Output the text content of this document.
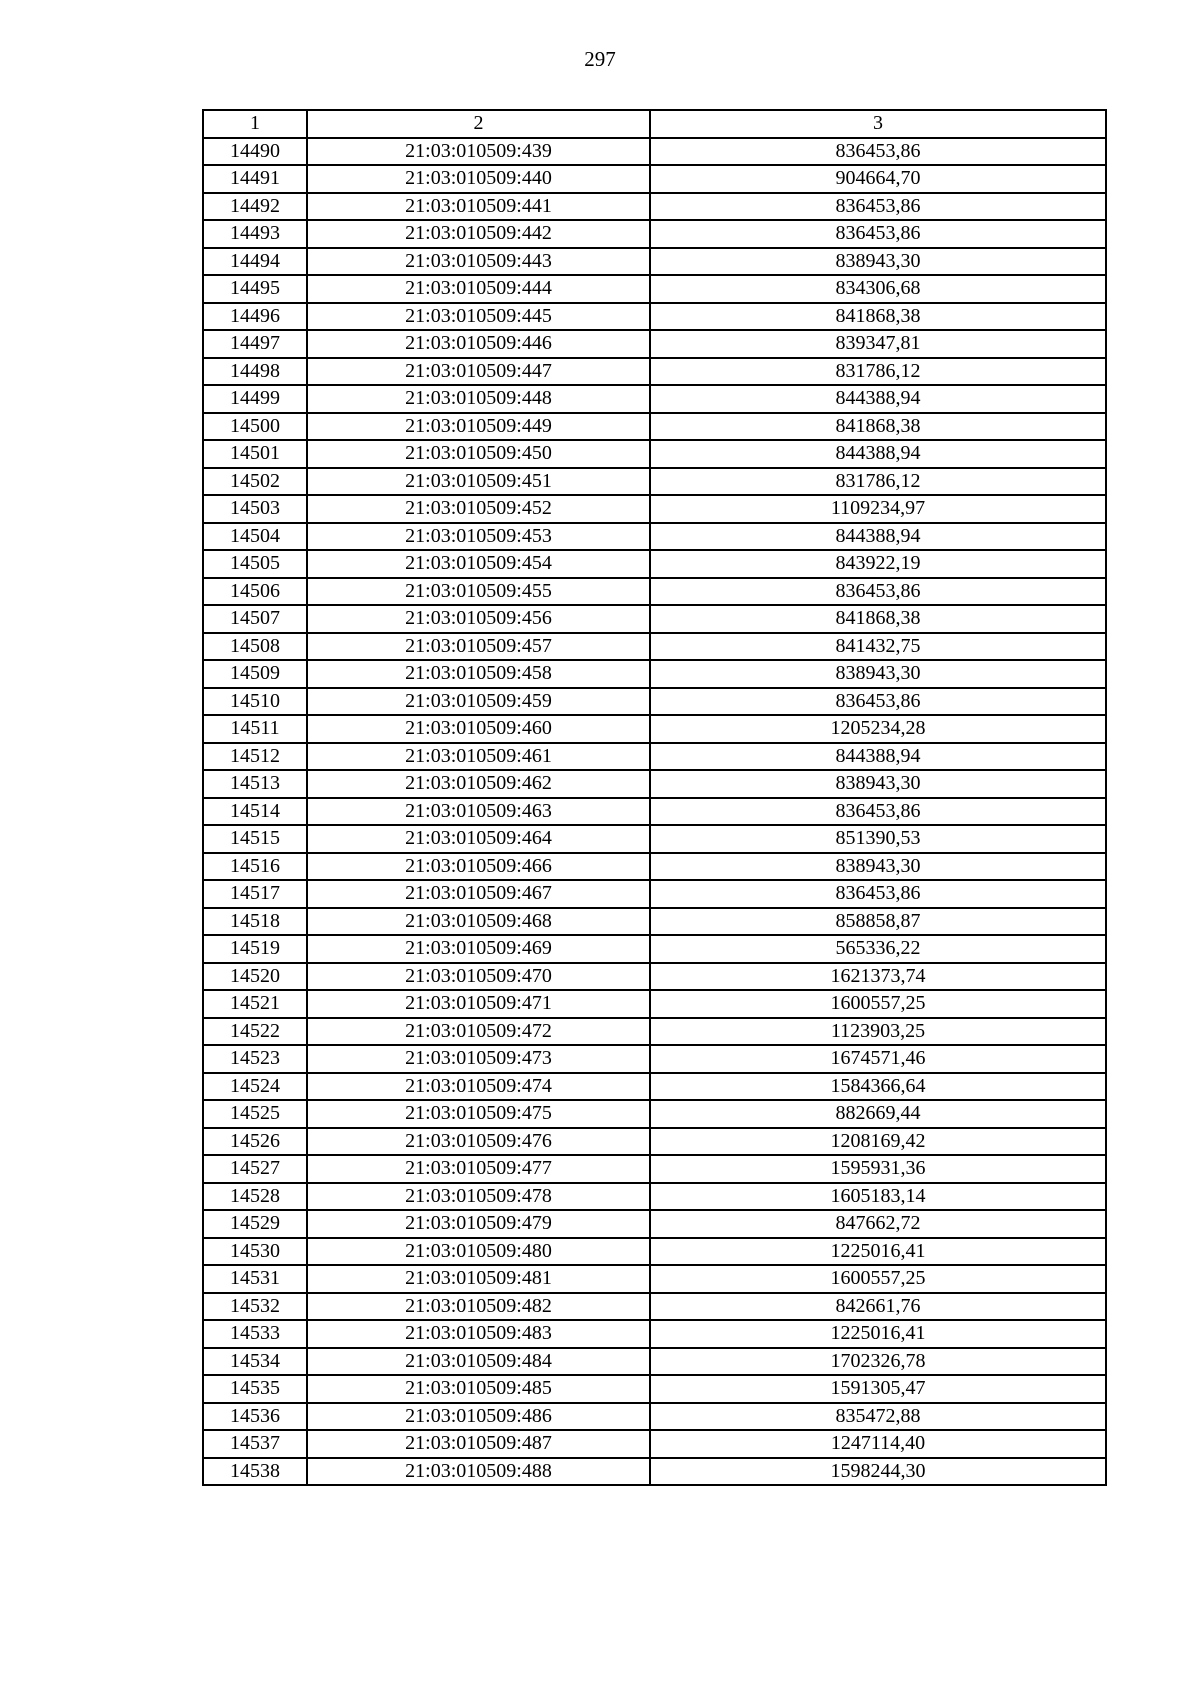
297
1	2	3
14490	21:03:010509:439	836453,86
14491	21:03:010509:440	904664,70
14492	21:03:010509:441	836453,86
14493	21:03:010509:442	836453,86
14494	21:03:010509:443	838943,30
14495	21:03:010509:444	834306,68
14496	21:03:010509:445	841868,38
14497	21:03:010509:446	839347,81
14498	21:03:010509:447	831786,12
14499	21:03:010509:448	844388,94
14500	21:03:010509:449	841868,38
14501	21:03:010509:450	844388,94
14502	21:03:010509:451	831786,12
14503	21:03:010509:452	1109234,97
14504	21:03:010509:453	844388,94
14505	21:03:010509:454	843922,19
14506	21:03:010509:455	836453,86
14507	21:03:010509:456	841868,38
14508	21:03:010509:457	841432,75
14509	21:03:010509:458	838943,30
14510	21:03:010509:459	836453,86
14511	21:03:010509:460	1205234,28
14512	21:03:010509:461	844388,94
14513	21:03:010509:462	838943,30
14514	21:03:010509:463	836453,86
14515	21:03:010509:464	851390,53
14516	21:03:010509:466	838943,30
14517	21:03:010509:467	836453,86
14518	21:03:010509:468	858858,87
14519	21:03:010509:469	565336,22
14520	21:03:010509:470	1621373,74
14521	21:03:010509:471	1600557,25
14522	21:03:010509:472	1123903,25
14523	21:03:010509:473	1674571,46
14524	21:03:010509:474	1584366,64
14525	21:03:010509:475	882669,44
14526	21:03:010509:476	1208169,42
14527	21:03:010509:477	1595931,36
14528	21:03:010509:478	1605183,14
14529	21:03:010509:479	847662,72
14530	21:03:010509:480	1225016,41
14531	21:03:010509:481	1600557,25
14532	21:03:010509:482	842661,76
14533	21:03:010509:483	1225016,41
14534	21:03:010509:484	1702326,78
14535	21:03:010509:485	1591305,47
14536	21:03:010509:486	835472,88
14537	21:03:010509:487	1247114,40
14538	21:03:010509:488	1598244,30
